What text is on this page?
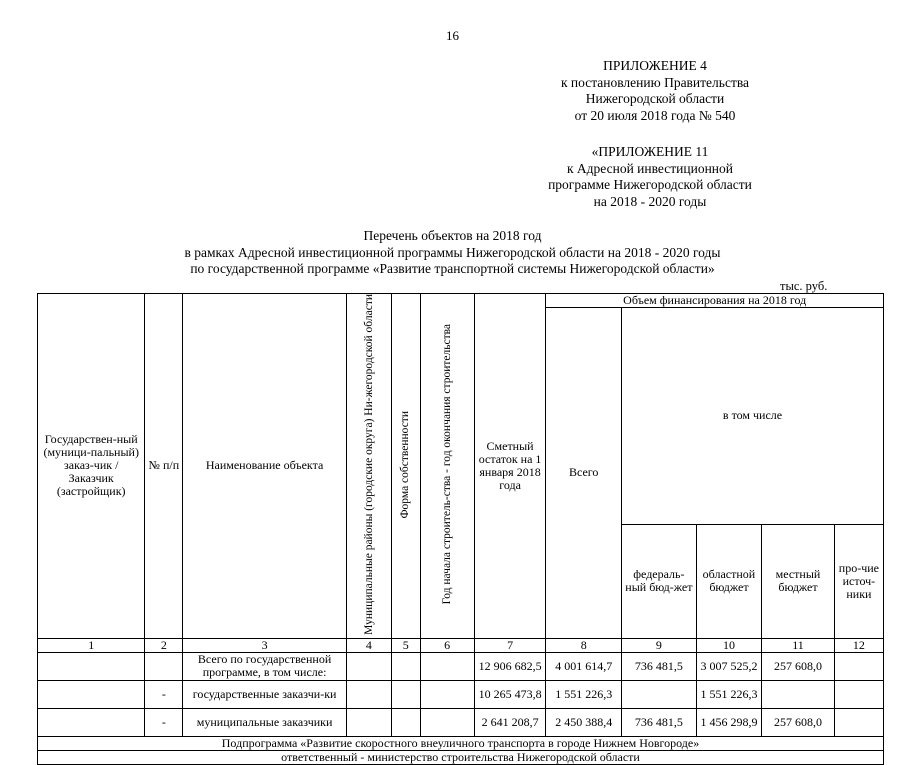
16
ПРИЛОЖЕНИЕ 4
к постановлению Правительства
Нижегородской области
от 20 июля 2018 года № 540
«ПРИЛОЖЕНИЕ 11
к Адресной инвестиционной
программе Нижегородской области
на 2018 - 2020 годы
Перечень объектов на 2018 год
в рамках Адресной инвестиционной программы Нижегородской области на 2018 - 2020 годы
по государственной программе «Развитие транспортной системы Нижегородской области»
тыс. руб.
Государствен-ный (муници-пальный) заказ-чик / Заказчик (застройщик)	№ п/п	Наименование объекта	Муниципальные районы (городские округа) Ни-жегородской области	Форма собственности	Год начала строитель-ства - год окончания строительства	Сметный остаток на 1 января 2018 года	Объем финансирования на 2018 год				
							Всего	в том числе			
								федераль-ный бюд-жет	областной бюджет	местный бюджет	про-чие источ-ники
1	2	3	4	5	6	7	8	9	10	11	12
		Всего по государственной программе, в том числе:				12 906 682,5	4 001 614,7	736 481,5	3 007 525,2	257 608,0	
	-	государственные заказчи-ки				10 265 473,8	1 551 226,3		1 551 226,3		
	-	муниципальные заказчики				2 641 208,7	2 450 388,4	736 481,5	1 456 298,9	257 608,0	
Подпрограмма «Развитие скоростного внеуличного транспорта в городе Нижнем Новгороде»											
ответственный - министерство строительства Нижегородской области											
